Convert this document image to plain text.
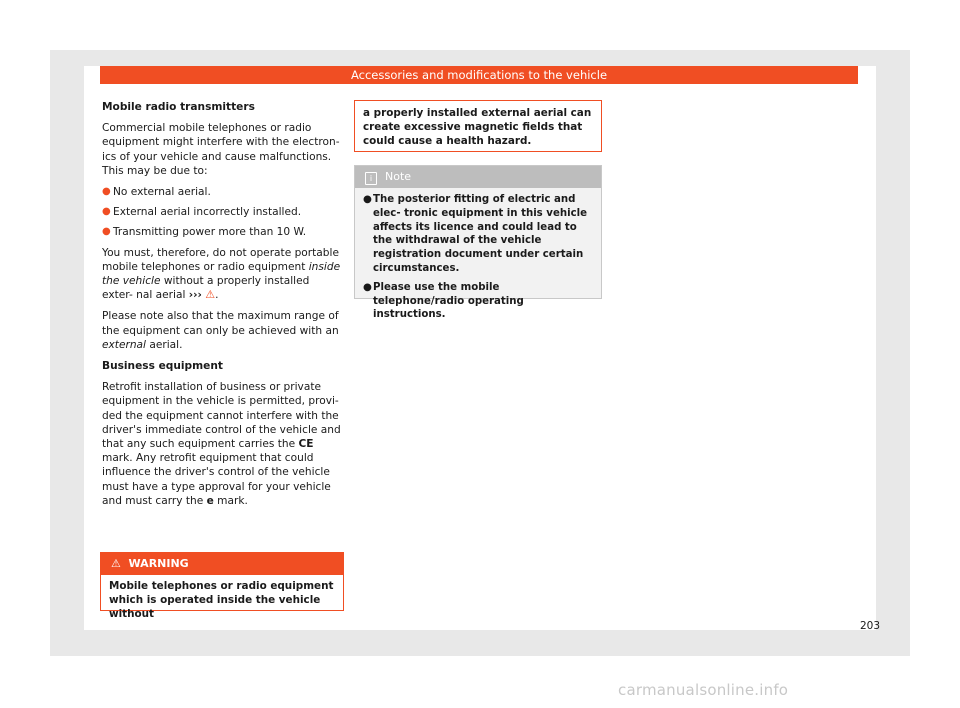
Accessories and modifications to the vehicle

Mobile radio transmitters

Commercial mobile telephones or radio equipment might interfere with the electron- ics of your vehicle and cause malfunctions. This may be due to:

● No external aerial.
● External aerial incorrectly installed.
● Transmitting power more than 10 W.

You must, therefore, do not operate portable mobile telephones or radio equipment inside the vehicle without a properly installed exter- nal aerial ››› ⚠.

Please note also that the maximum range of the equipment can only be achieved with an external aerial.

Business equipment

Retrofit installation of business or private equipment in the vehicle is permitted, provi- ded the equipment cannot interfere with the driver's immediate control of the vehicle and that any such equipment carries the CE mark. Any retrofit equipment that could influence the driver's control of the vehicle must have a type approval for your vehicle and must carry the e mark.

⚠ WARNING
Mobile telephones or radio equipment which is operated inside the vehicle without
a properly installed external aerial can create excessive magnetic fields that could cause a health hazard.
i Note
● The posterior fitting of electric and elec- tronic equipment in this vehicle affects its licence and could lead to the withdrawal of the vehicle registration document under certain circumstances.
● Please use the mobile telephone/radio operating instructions.
203
carmanualsonline.info
